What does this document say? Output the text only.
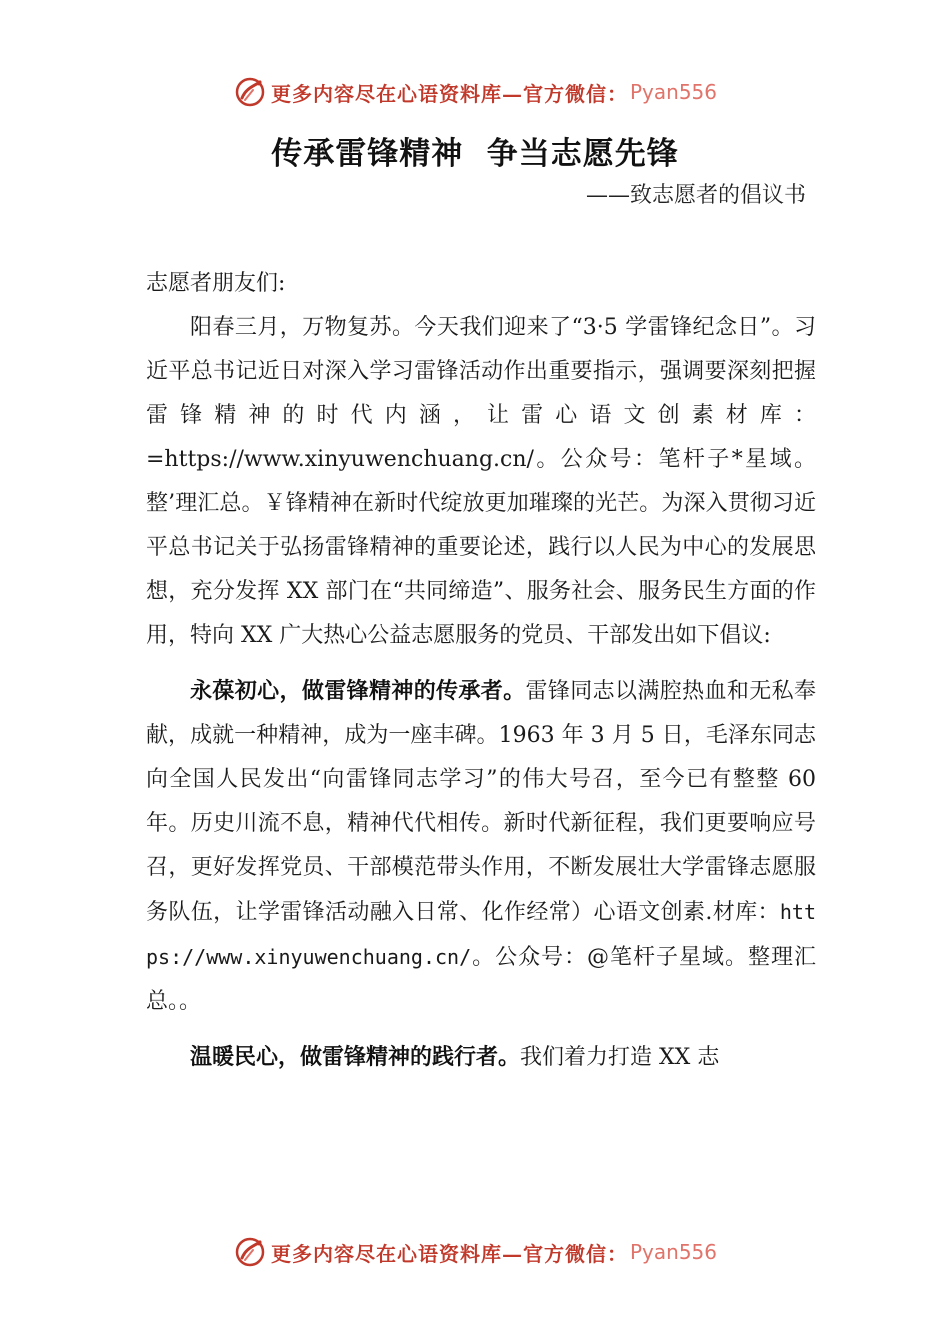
更多内容尽在心语资料库—官方微信： Pyan556
传承雷锋精神  争当志愿先锋
——致志愿者的倡议书

志愿者朋友们:

阳春三月，万物复苏。今天我们迎来了“3·5 学雷锋纪念日”。习近平总书记近日对深入学习雷锋活动作出重要指示，强调要深刻把握雷锋精神的时代内涵，让雷心语文创素材库：=https://www.xinyuwenchuang.cn/。公众号：笔杆子*星域。整’理汇总。￥锋精神在新时代绽放更加璀璨的光芒。为深入贯彻习近平总书记关于弘扬雷锋精神的重要论述，践行以人民为中心的发展思想，充分发挥 XX 部门在“共同缔造”、服务社会、服务民生方面的作用，特向 XX 广大热心公益志愿服务的党员、干部发出如下倡议:

永葆初心，做雷锋精神的传承者。雷锋同志以满腔热血和无私奉献，成就一种精神，成为一座丰碑。1963 年 3 月 5 日，毛泽东同志向全国人民发出“向雷锋同志学习”的伟大号召，至今已有整整 60 年。历史川流不息，精神代代相传。新时代新征程，我们更要响应号召，更好发挥党员、干部模范带头作用，不断发展壮大学雷锋志愿服务队伍，让学雷锋活动融入日常、化作经常）心语文创素.材库：https://www.xinyuwenchuang.cn/。公众号：@笔杆子星域。整理汇总。。

温暖民心，做雷锋精神的践行者。我们着力打造 XX 志

更多内容尽在心语资料库—官方微信： Pyan556
